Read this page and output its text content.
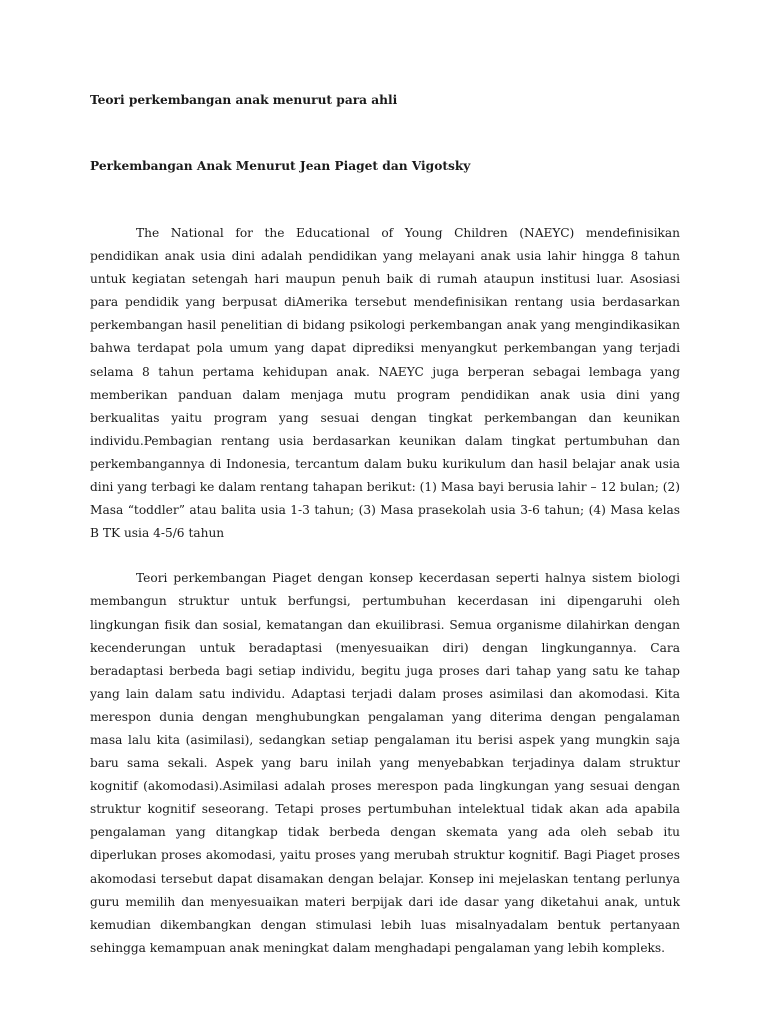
Teori perkembangan anak menurut para ahli

Perkembangan Anak Menurut Jean Piaget dan Vigotsky

The National for the Educational of Young Children (NAEYC) mendefinisikan pendidikan anak usia dini adalah pendidikan yang melayani anak usia lahir hingga 8 tahun untuk kegiatan setengah hari maupun penuh baik di rumah ataupun institusi luar. Asosiasi para pendidik yang berpusat diAmerika tersebut mendefinisikan rentang usia berdasarkan perkembangan hasil penelitian di bidang psikologi perkembangan anak yang mengindikasikan bahwa terdapat pola umum yang dapat diprediksi menyangkut perkembangan yang terjadi selama 8 tahun pertama kehidupan anak. NAEYC juga berperan sebagai lembaga yang memberikan panduan dalam menjaga mutu program pendidikan anak usia dini yang berkualitas yaitu program yang sesuai dengan tingkat perkembangan dan keunikan individu.Pembagian rentang usia berdasarkan keunikan dalam tingkat pertumbuhan dan perkembangannya di Indonesia, tercantum dalam buku kurikulum dan hasil belajar anak usia dini yang terbagi ke dalam rentang tahapan berikut: (1) Masa bayi berusia lahir – 12 bulan; (2) Masa “toddler” atau balita usia 1-3 tahun; (3) Masa prasekolah usia 3-6 tahun; (4) Masa kelas B TK usia 4-5/6 tahun

Teori perkembangan Piaget dengan konsep kecerdasan seperti halnya sistem biologi membangun struktur untuk berfungsi, pertumbuhan kecerdasan ini dipengaruhi oleh lingkungan fisik dan sosial, kematangan dan ekuilibrasi. Semua organisme dilahirkan dengan kecenderungan untuk beradaptasi (menyesuaikan diri) dengan lingkungannya. Cara beradaptasi berbeda bagi setiap individu, begitu juga proses dari tahap yang satu ke tahap yang lain dalam satu individu. Adaptasi terjadi dalam proses asimilasi dan akomodasi. Kita merespon dunia dengan menghubungkan pengalaman yang diterima dengan pengalaman masa lalu kita (asimilasi), sedangkan setiap pengalaman itu berisi aspek yang mungkin saja baru sama sekali. Aspek yang baru inilah yang menyebabkan terjadinya dalam struktur kognitif (akomodasi).Asimilasi adalah proses merespon pada lingkungan yang sesuai dengan struktur kognitif seseorang. Tetapi proses pertumbuhan intelektual tidak akan ada apabila pengalaman yang ditangkap tidak berbeda dengan skemata yang ada oleh sebab itu diperlukan proses akomodasi, yaitu proses yang merubah struktur kognitif. Bagi Piaget proses akomodasi tersebut dapat disamakan dengan belajar. Konsep ini mejelaskan tentang perlunya guru memilih dan menyesuaikan materi berpijak dari ide dasar yang diketahui anak, untuk kemudian dikembangkan dengan stimulasi lebih luas misalnyadalam bentuk pertanyaan sehingga kemampuan anak meningkat dalam menghadapi pengalaman yang lebih kompleks.
